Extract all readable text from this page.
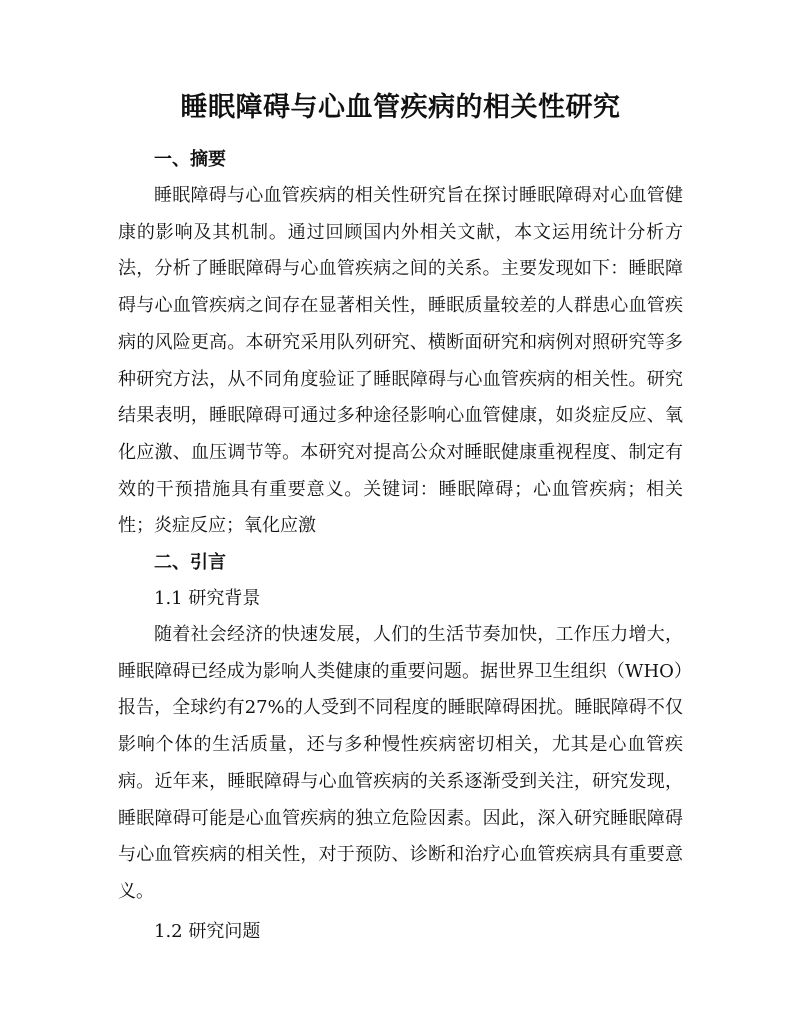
睡眠障碍与心血管疾病的相关性研究

一、摘要

睡眠障碍与心血管疾病的相关性研究旨在探讨睡眠障碍对心血管健康的影响及其机制。通过回顾国内外相关文献，本文运用统计分析方法，分析了睡眠障碍与心血管疾病之间的关系。主要发现如下：睡眠障碍与心血管疾病之间存在显著相关性，睡眠质量较差的人群患心血管疾病的风险更高。本研究采用队列研究、横断面研究和病例对照研究等多种研究方法，从不同角度验证了睡眠障碍与心血管疾病的相关性。研究结果表明，睡眠障碍可通过多种途径影响心血管健康，如炎症反应、氧化应激、血压调节等。本研究对提高公众对睡眠健康重视程度、制定有效的干预措施具有重要意义。关键词：睡眠障碍；心血管疾病；相关性；炎症反应；氧化应激

二、引言

1.1 研究背景

随着社会经济的快速发展，人们的生活节奏加快，工作压力增大，睡眠障碍已经成为影响人类健康的重要问题。据世界卫生组织（WHO）报告，全球约有27%的人受到不同程度的睡眠障碍困扰。睡眠障碍不仅影响个体的生活质量，还与多种慢性疾病密切相关，尤其是心血管疾病。近年来，睡眠障碍与心血管疾病的关系逐渐受到关注，研究发现，睡眠障碍可能是心血管疾病的独立危险因素。因此，深入研究睡眠障碍与心血管疾病的相关性，对于预防、诊断和治疗心血管疾病具有重要意义。

1.2 研究问题
